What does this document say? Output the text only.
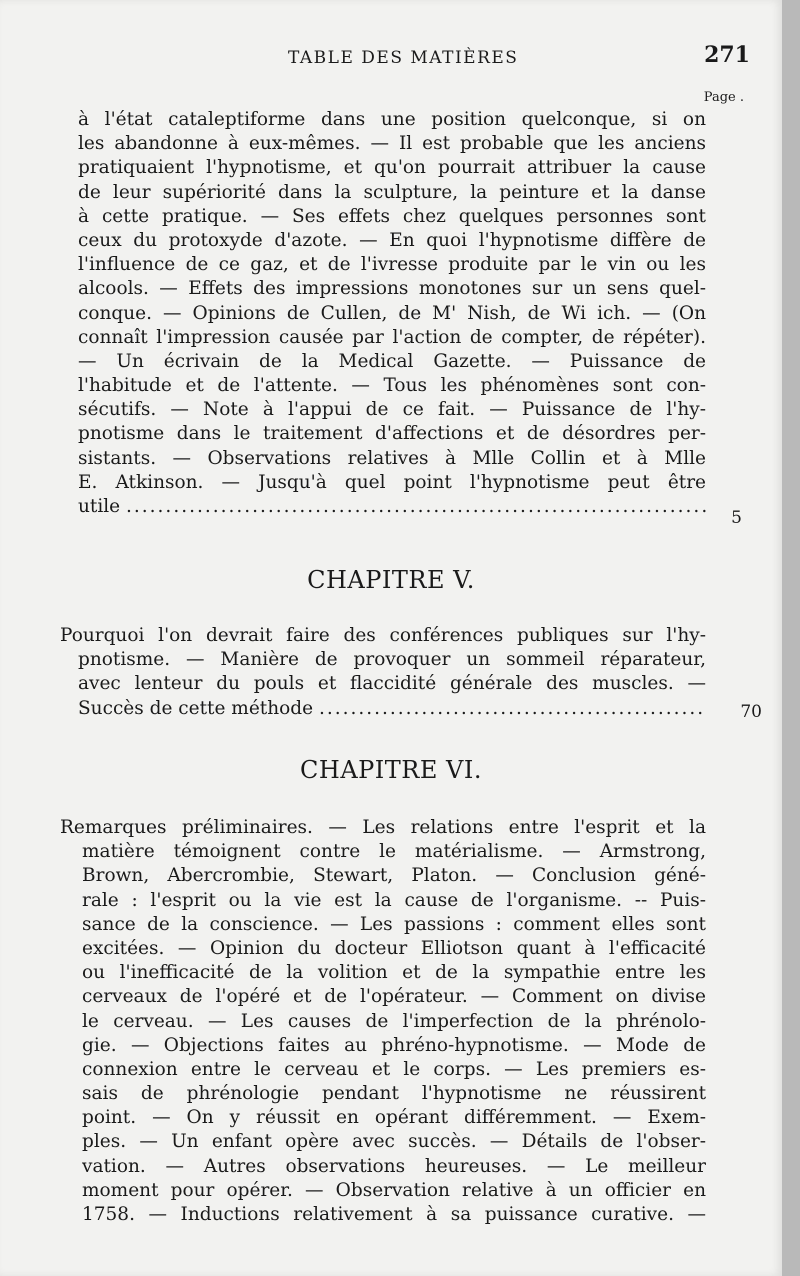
TABLE DES MATIÈRES	271
Page .
à l'état cataleptiforme dans une position quelconque, si on
les abandonne à eux-mêmes. — Il est probable que les anciens
pratiquaient l'hypnotisme, et qu'on pourrait attribuer la cause
de leur supériorité dans la sculpture, la peinture et la danse
à cette pratique. — Ses effets chez quelques personnes sont
ceux du protoxyde d'azote. — En quoi l'hypnotisme diffère de
l'influence de ce gaz, et de l'ivresse produite par le vin ou les
alcools. — Effets des impressions monotones sur un sens quel-
conque. — Opinions de Cullen, de M' Nish, de Wi ich. — (On
connaît l'impression causée par l'action de compter, de répéter).
— Un écrivain de la Medical Gazette. — Puissance de
l'habitude et de l'attente. — Tous les phénomènes sont con-
sécutifs. — Note à l'appui de ce fait. — Puissance de l'hy-
pnotisme dans le traitement d'affections et de désordres per-
sistants. — Observations relatives à Mlle Collin et à Mlle
E. Atkinson. — Jusqu'à quel point l'hypnotisme peut être
utile .....
5
CHAPITRE V.
Pourquoi l'on devrait faire des conférences publiques sur l'hy-
pnotisme. — Manière de provoquer un sommeil réparateur,
avec lenteur du pouls et flaccidité générale des muscles. —
Succès de cette méthode .....	70
CHAPITRE VI.
Remarques préliminaires. — Les relations entre l'esprit et la
matière témoignent contre le matérialisme. — Armstrong,
Brown, Abercrombie, Stewart, Platon. — Conclusion géné-
rale : l'esprit ou la vie est la cause de l'organisme. -- Puis-
sance de la conscience. — Les passions : comment elles sont
excitées. — Opinion du docteur Elliotson quant à l'efficacité
ou l'inefficacité de la volition et de la sympathie entre les
cerveaux de l'opéré et de l'opérateur. — Comment on divise
le cerveau. — Les causes de l'imperfection de la phrénolo-
gie. — Objections faites au phréno-hypnotisme. — Mode de
connexion entre le cerveau et le corps. — Les premiers es-
sais de phrénologie pendant l'hypnotisme ne réussirent
point. — On y réussit en opérant différemment. — Exem-
ples. — Un enfant opère avec succès. — Détails de l'obser-
vation. — Autres observations heureuses. — Le meilleur
moment pour opérer. — Observation relative à un officier en
1758. — Inductions relativement à sa puissance curative. —
